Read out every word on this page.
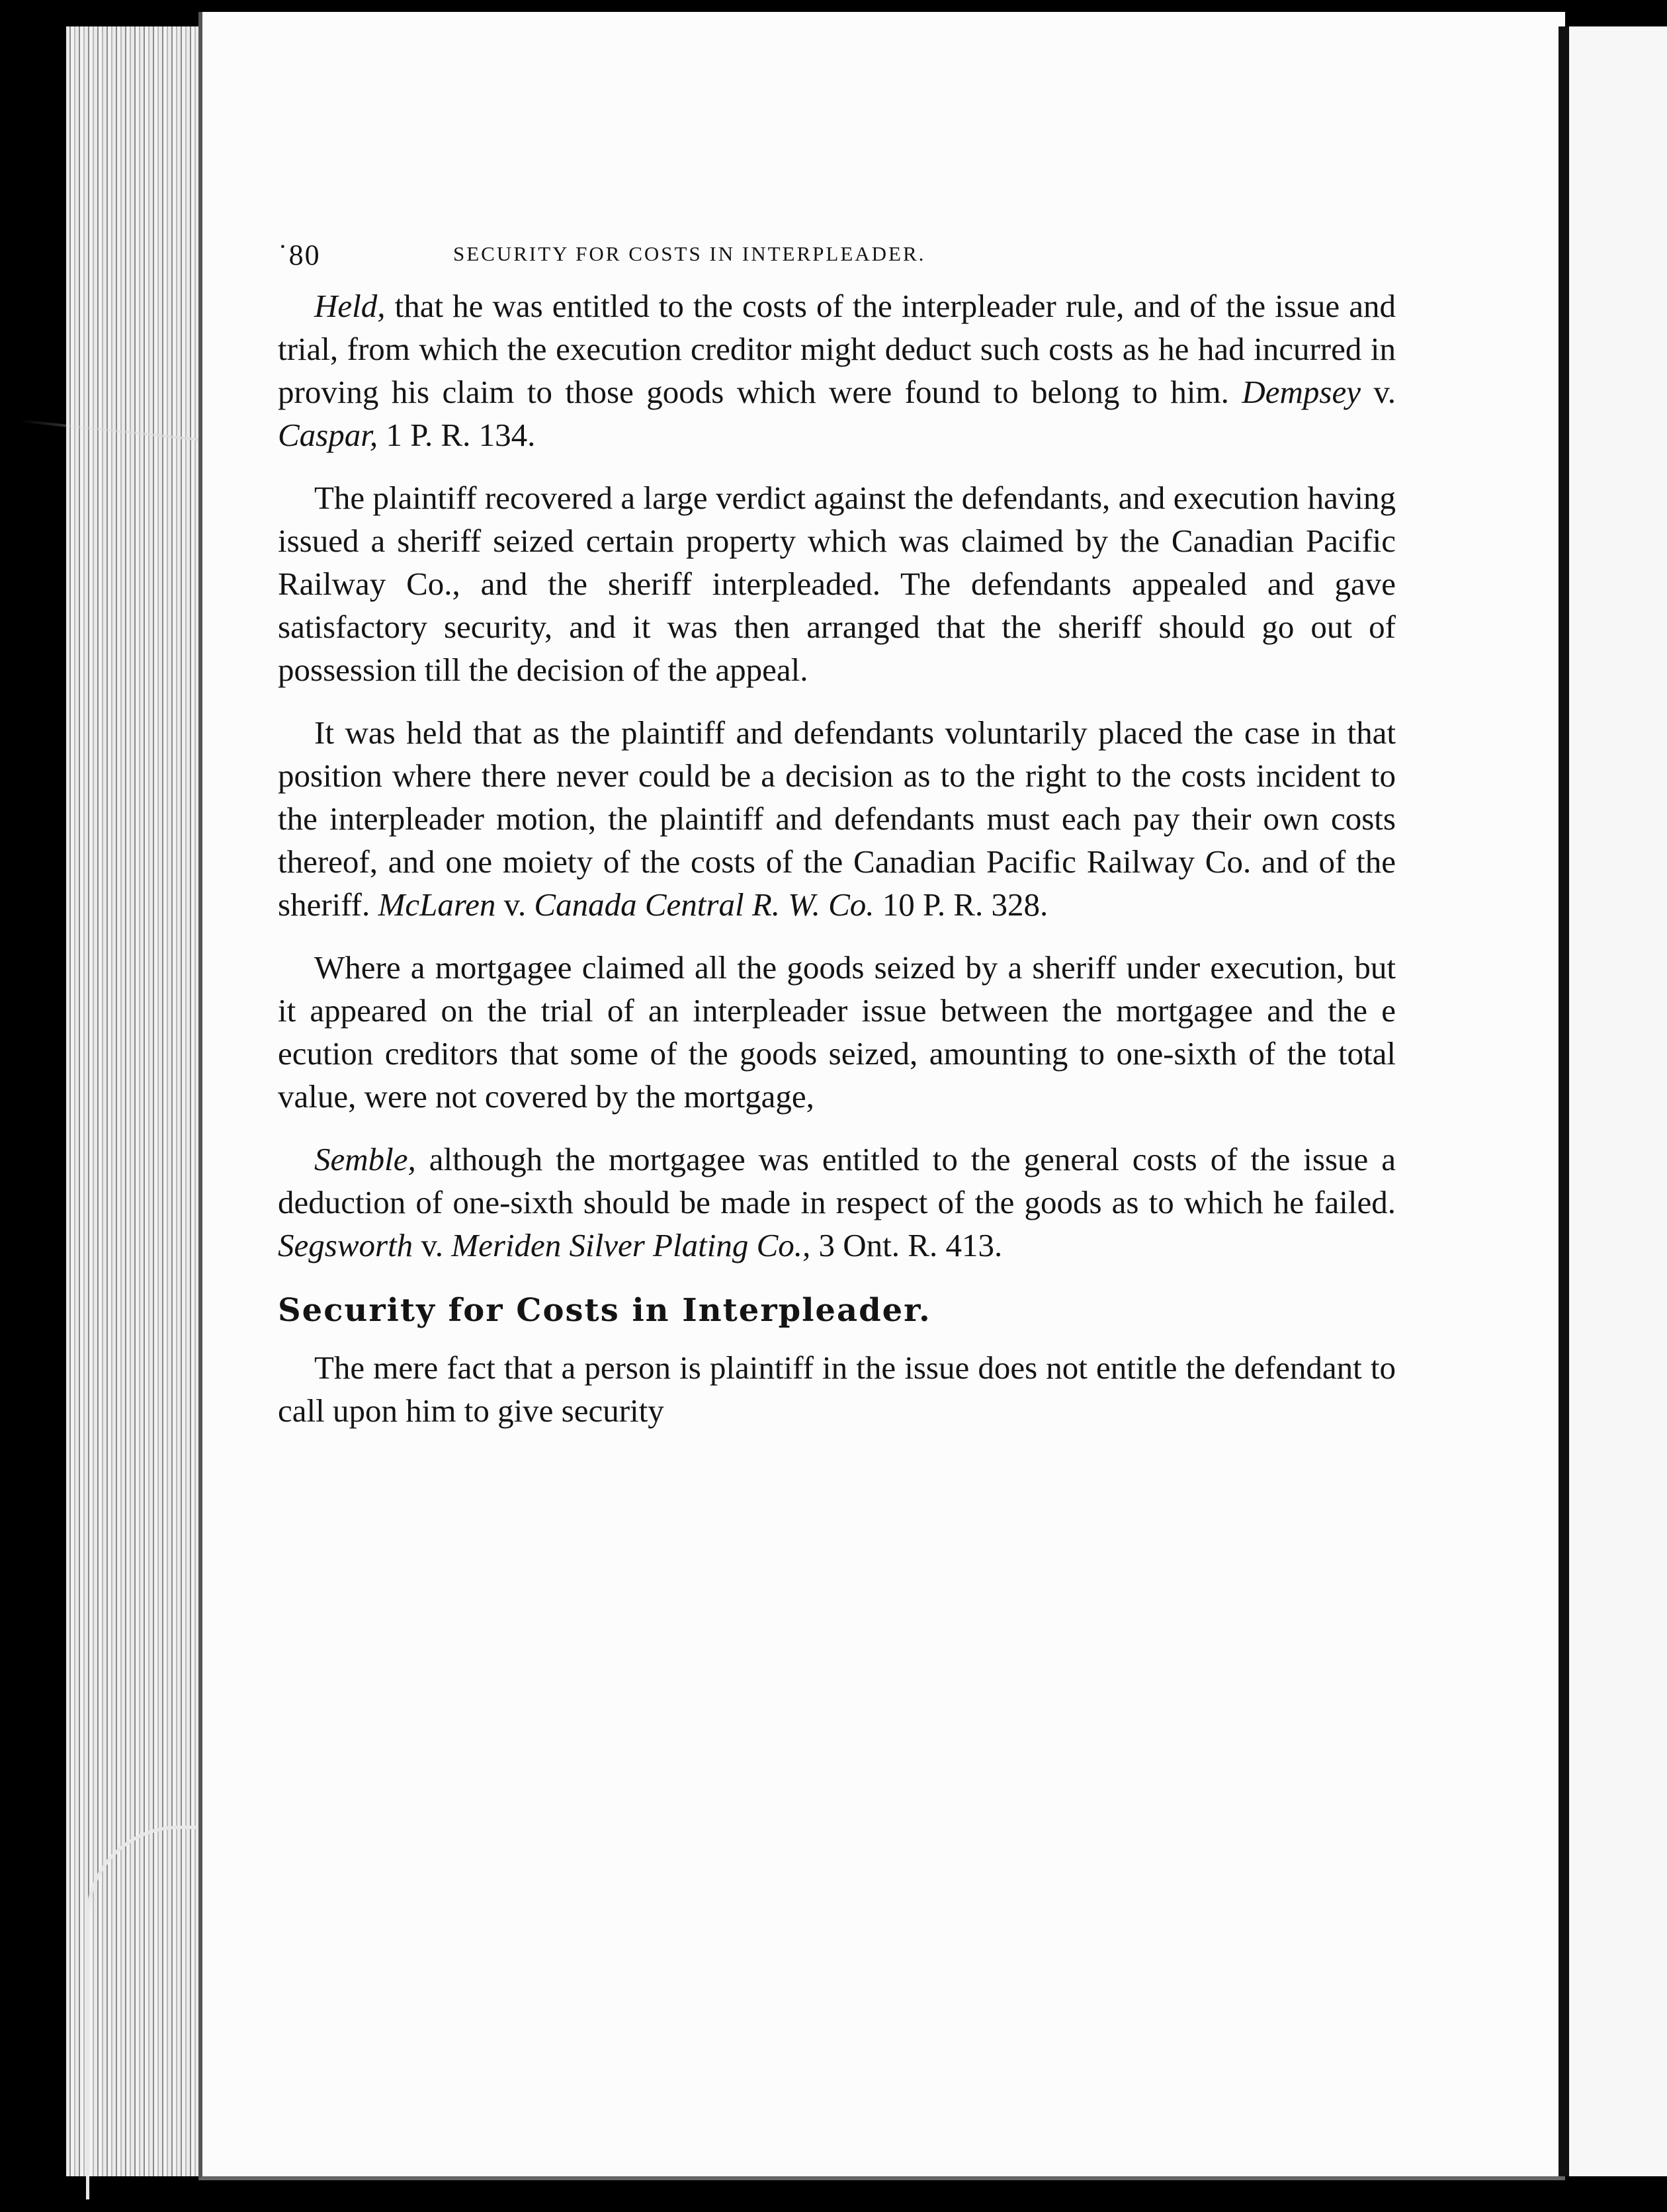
˙80	SECURITY FOR COSTS IN INTERPLEADER.

Held, that he was entitled to the costs of the interpleader rule, and of the issue and trial, from which the execution creditor might deduct such costs as he had incurred in proving his claim to those goods which were found to belong to him. Dempsey v. Caspar, 1 P. R. 134.

The plaintiff recovered a large verdict against the defendants, and execution having issued a sheriff seized certain property which was claimed by the Canadian Pacific Railway Co., and the sheriff interpleaded. The defendants appealed and gave satisfactory security, and it was then arranged that the sheriff should go out of possession till the decision of the appeal.

It was held that as the plaintiff and defendants voluntarily placed the case in that position where there never could be a decision as to the right to the costs incident to the interpleader motion, the plaintiff and defendants must each pay their own costs thereof, and one moiety of the costs of the Canadian Pacific Railway Co. and of the sheriff. McLaren v. Canada Central R. W. Co. 10 P. R. 328.

Where a mortgagee claimed all the goods seized by a sheriff under execution, but it appeared on the trial of an interpleader issue between the mortgagee and the e ecution creditors that some of the goods seized, amounting to one-sixth of the total value, were not covered by the mortgage,

Semble, although the mortgagee was entitled to the general costs of the issue a deduction of one-sixth should be made in respect of the goods as to which he failed. Segsworth v. Meriden Silver Plating Co., 3 Ont. R. 413.

Security for Costs in Interpleader.

The mere fact that a person is plaintiff in the issue does not entitle the defendant to call upon him to give security
